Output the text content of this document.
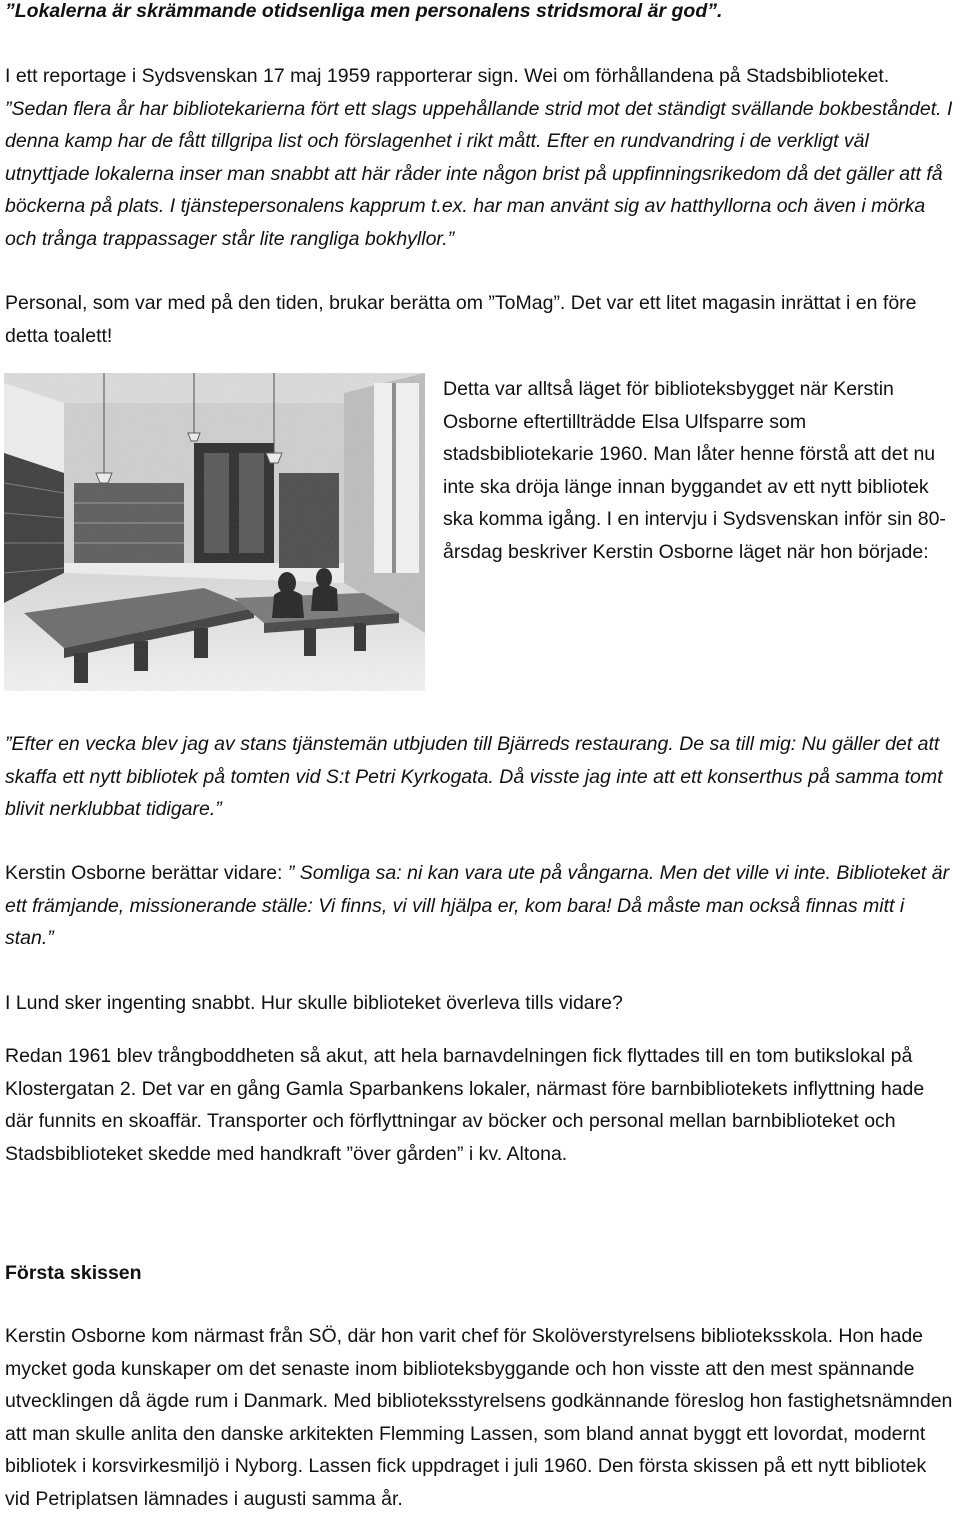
”Lokalerna är skrämmande otidsenliga men personalens stridsmoral är god”.

I ett reportage i Sydsvenskan 17 maj 1959 rapporterar sign. Wei om förhållandena på Stadsbiblioteket. ”Sedan flera år har bibliotekarierna fört ett slags uppehållande strid mot det ständigt svällande bokbeståndet. I denna kamp har de fått tillgripa list och förslagenhet i rikt mått. Efter en rundvandring i de verkligt väl utnyttjade lokalerna inser man snabbt att här råder inte någon brist på uppfinningsrikedom då det gäller att få böckerna på plats. I tjänstepersonalens kapprum t.ex. har man använt sig av hatthyllorna och även i mörka och trånga trappassager står lite rangliga bokhyllor.”

Personal, som var med på den tiden, brukar berätta om ”ToMag”. Det var ett litet magasin inrättat i en före detta toalett!

Detta var alltså läget för biblioteksbygget när Kerstin Osborne eftertillträdde Elsa Ulfsparre som stadsbibliotekarie 1960. Man låter henne förstå att det nu inte ska dröja länge innan byggandet av ett nytt bibliotek ska komma igång. I en intervju i Sydsvenskan inför sin 80-årsdag beskriver Kerstin Osborne läget när hon började:

”Efter en vecka blev jag av stans tjänstemän utbjuden till Bjärreds restaurang. De sa till mig: Nu gäller det att skaffa ett nytt bibliotek på tomten vid S:t Petri Kyrkogata. Då visste jag inte att ett konserthus på samma tomt blivit nerklubbat tidigare.”

Kerstin Osborne berättar vidare: ” Somliga sa: ni kan vara ute på vångarna. Men det ville vi inte. Biblioteket är ett främjande, missionerande ställe: Vi finns, vi vill hjälpa er, kom bara! Då måste man också finnas mitt i stan.”

I Lund sker ingenting snabbt. Hur skulle biblioteket överleva tills vidare?

Redan 1961 blev trångboddheten så akut, att hela barnavdelningen fick flyttades till en tom butikslokal på Klostergatan 2. Det var en gång Gamla Sparbankens lokaler, närmast före barnbibliotekets inflyttning hade där funnits en skoaffär. Transporter och förflyttningar av böcker och personal mellan barnbiblioteket och Stadsbiblioteket skedde med handkraft ”över gården” i kv. Altona.

Första skissen

Kerstin Osborne kom närmast från SÖ, där hon varit chef för Skolöverstyrelsens biblioteksskola. Hon hade mycket goda kunskaper om det senaste inom biblioteksbyggande och hon visste att den mest spännande utvecklingen då ägde rum i Danmark. Med biblioteksstyrelsens godkännande föreslog hon fastighetsnämnden att man skulle anlita den danske arkitekten Flemming Lassen, som bland annat byggt ett lovordat, modernt bibliotek i korsvirkesmiljö i Nyborg. Lassen fick uppdraget i juli 1960. Den första skissen på ett nytt bibliotek vid Petriplatsen lämnades i augusti samma år.
